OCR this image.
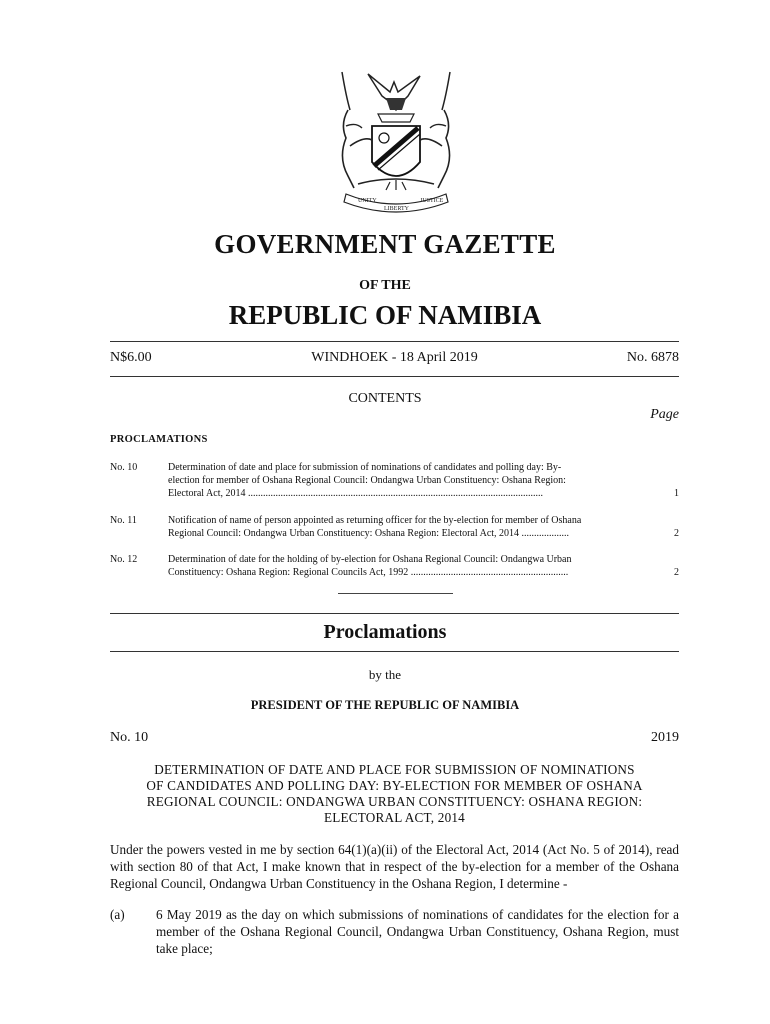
UNITY
LIBERTY
JUSTICE
GOVERNMENT GAZETTE
OF THE
REPUBLIC OF NAMIBIA
N$6.00	WINDHOEK - 18 April 2019	No. 6878
CONTENTS
Page
PROCLAMATIONS
No. 10	Determination of date and place for submission of nominations of candidates and polling day: By-
election for member of Oshana Regional Council: Ondangwa Urban Constituency: Oshana Region:
Electoral Act, 2014 ......................................................................................................................	1
No. 11	Notification of name of person appointed as returning officer for the by-election for member of Oshana
Regional Council: Ondangwa Urban Constituency: Oshana Region: Electoral Act, 2014 ...................	2
No. 12	Determination of date for the holding of by-election for Oshana Regional Council: Ondangwa Urban
Constituency: Oshana Region: Regional Councils Act, 1992 ...............................................................	2
Proclamations
by the
PRESIDENT OF THE REPUBLIC OF NAMIBIA
No. 10	2019
DETERMINATION OF DATE AND PLACE FOR SUBMISSION OF NOMINATIONS
OF CANDIDATES AND POLLING DAY: BY-ELECTION FOR MEMBER OF OSHANA
REGIONAL COUNCIL: ONDANGWA URBAN CONSTITUENCY: OSHANA REGION:
ELECTORAL ACT, 2014
Under the powers vested in me by section 64(1)(a)(ii) of the Electoral Act, 2014 (Act No. 5 of 2014), read with section 80 of that Act, I make known that in respect of the by-election for a member of the Oshana Regional Council, Ondangwa Urban Constituency in the Oshana Region, I determine -
(a) 6 May 2019 as the day on which submissions of nominations of candidates for the election for a member of the Oshana Regional Council, Ondangwa Urban Constituency, Oshana Region, must take place;
